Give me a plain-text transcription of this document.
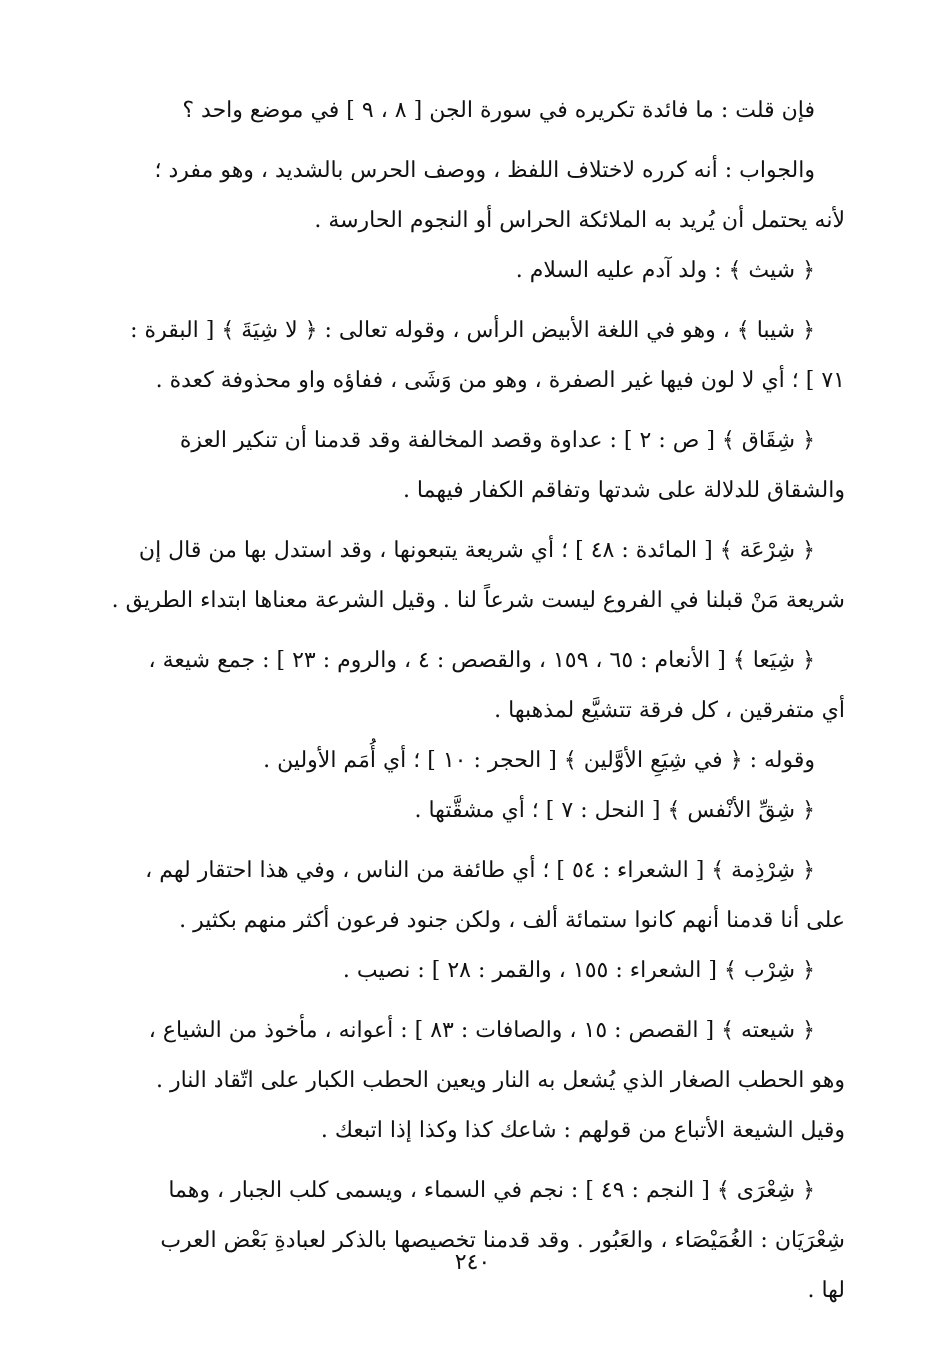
فإن قلت : ما فائدة تكريره في سورة الجن [ ٨ ، ٩ ] في موضع واحد ؟
والجواب : أنه كرره لاختلاف اللفظ ، ووصف الحرس بالشديد ، وهو مفرد ؛
لأنه يحتمل أن يُريد به الملائكة الحراس أو النجوم الحارسة .
﴿ شيث ﴾ : ولد آدم عليه السلام .
﴿ شيبا ﴾ ، وهو في اللغة الأبيض الرأس ، وقوله تعالى : ﴿ لا شِيَةَ ﴾ [ البقرة :
٧١ ] ؛ أي لا لون فيها غير الصفرة ، وهو من وَشَى ، ففاؤه واو محذوفة كعدة .
﴿ شِقَاق ﴾ [ ص : ٢ ] : عداوة وقصد المخالفة وقد قدمنا أن تنكير العزة
والشقاق للدلالة على شدتها وتفاقم الكفار فيهما .
﴿ شِرْعَة ﴾ [ المائدة : ٤٨ ] ؛ أي شريعة يتبعونها ، وقد استدل بها من قال إن
شريعة مَنْ قبلنا في الفروع ليست شرعاً لنا . وقيل الشرعة معناها ابتداء الطريق .
﴿ شِيَعا ﴾ [ الأنعام : ٦٥ ، ١٥٩ ، والقصص : ٤ ، والروم : ٢٣ ] : جمع شيعة ،
أي متفرقين ، كل فرقة تتشيَّع لمذهبها .
وقوله : ﴿ في شِيَعِ الأوَّلين ﴾ [ الحجر : ١٠ ] ؛ أي أُمَم الأولين .
﴿ شِقِّ الأنْفس ﴾ [ النحل : ٧ ] ؛ أي مشقَّتها .
﴿ شِرْذِمة ﴾ [ الشعراء : ٥٤ ] ؛ أي طائفة من الناس ، وفي هذا احتقار لهم ،
على أنا قدمنا أنهم كانوا ستمائة ألف ، ولكن جنود فرعون أكثر منهم بكثير .
﴿ شِرْب ﴾ [ الشعراء : ١٥٥ ، والقمر : ٢٨ ] : نصيب .
﴿ شيعته ﴾ [ القصص : ١٥ ، والصافات : ٨٣ ] : أعوانه ، مأخوذ من الشياع ،
وهو الحطب الصغار الذي يُشعل به النار ويعين الحطب الكبار على اتّقاد النار .
وقيل الشيعة الأتباع من قولهم : شاعك كذا وكذا إذا اتبعك .
﴿ شِعْرَى ﴾ [ النجم : ٤٩ ] : نجم في السماء ، ويسمى كلب الجبار ، وهما
شِعْرَيَان : الغُمَيْصَاء ، والعَبُور . وقد قدمنا تخصيصها بالذكر لعبادةِ بَعْض العرب
لها .
٢٤٠
